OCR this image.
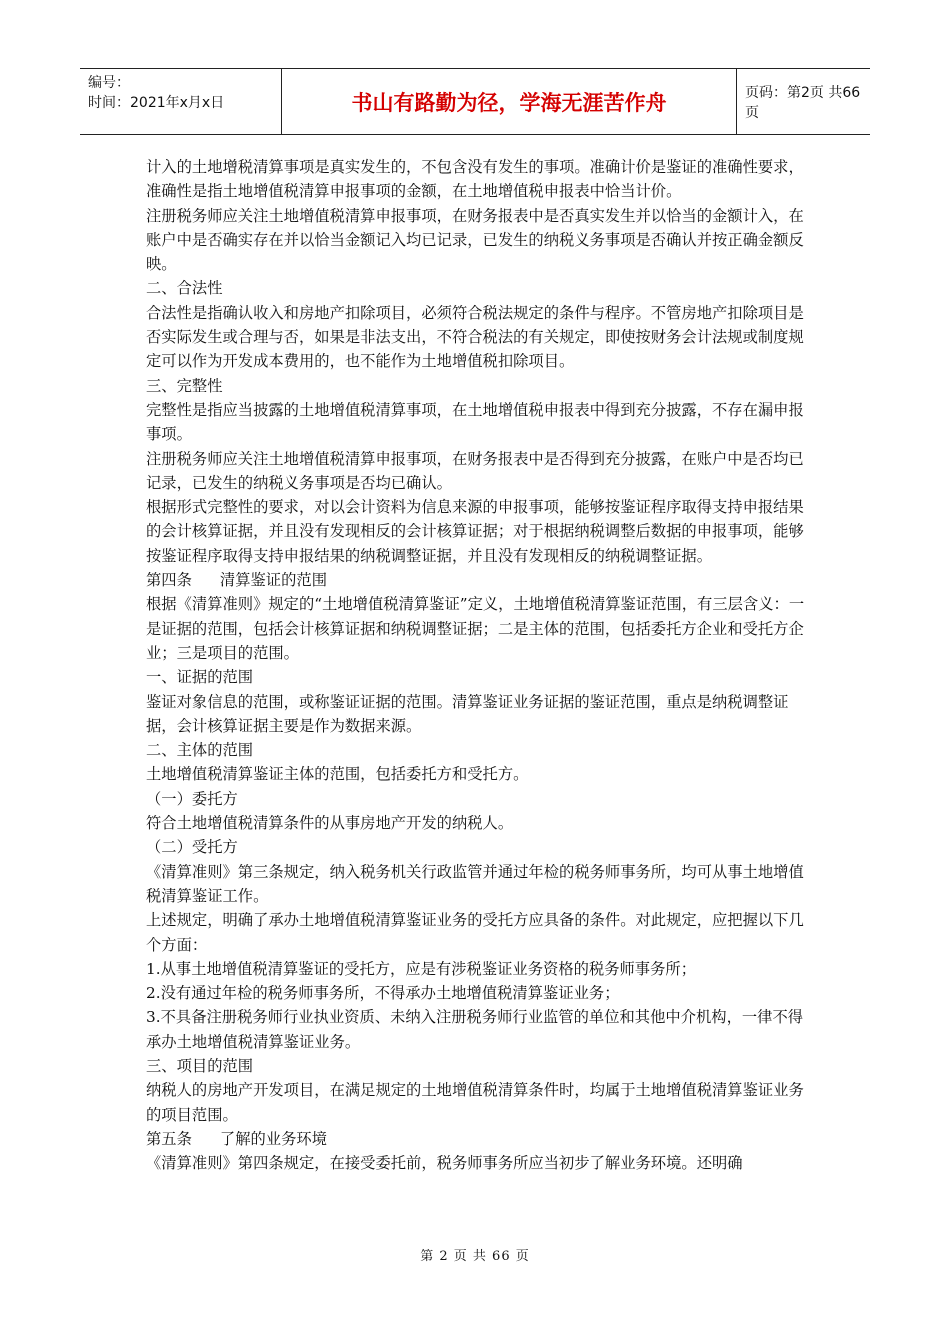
编号：
时间：2021年x月x日	书山有路勤为径，学海无涯苦作舟	页码：第2页 共66页

计入的土地增税清算事项是真实发生的，不包含没有发生的事项。准确计价是鉴证的准确性要求，准确性是指土地增值税清算申报事项的金额，在土地增值税申报表中恰当计价。

注册税务师应关注土地增值税清算申报事项，在财务报表中是否真实发生并以恰当的金额计入，在账户中是否确实存在并以恰当金额记入均已记录，已发生的纳税义务事项是否确认并按正确金额反映。

二、合法性

合法性是指确认收入和房地产扣除项目，必须符合税法规定的条件与程序。不管房地产扣除项目是否实际发生或合理与否，如果是非法支出，不符合税法的有关规定，即使按财务会计法规或制度规定可以作为开发成本费用的，也不能作为土地增值税扣除项目。

三、完整性

完整性是指应当披露的土地增值税清算事项，在土地增值税申报表中得到充分披露，不存在漏申报事项。

注册税务师应关注土地增值税清算申报事项，在财务报表中是否得到充分披露，在账户中是否均已记录，已发生的纳税义务事项是否均已确认。

根据形式完整性的要求，对以会计资料为信息来源的申报事项，能够按鉴证程序取得支持申报结果的会计核算证据，并且没有发现相反的会计核算证据；对于根据纳税调整后数据的申报事项，能够按鉴证程序取得支持申报结果的纳税调整证据，并且没有发现相反的纳税调整证据。

第四条 清算鉴证的范围

根据《清算准则》规定的“土地增值税清算鉴证”定义，土地增值税清算鉴证范围，有三层含义：一是证据的范围，包括会计核算证据和纳税调整证据；二是主体的范围，包括委托方企业和受托方企业；三是项目的范围。

一、证据的范围

鉴证对象信息的范围，或称鉴证证据的范围。清算鉴证业务证据的鉴证范围，重点是纳税调整证据，会计核算证据主要是作为数据来源。

二、主体的范围

土地增值税清算鉴证主体的范围，包括委托方和受托方。

（一）委托方

符合土地增值税清算条件的从事房地产开发的纳税人。

（二）受托方

《清算准则》第三条规定，纳入税务机关行政监管并通过年检的税务师事务所，均可从事土地增值税清算鉴证工作。

上述规定，明确了承办土地增值税清算鉴证业务的受托方应具备的条件。对此规定，应把握以下几个方面：

1.从事土地增值税清算鉴证的受托方，应是有涉税鉴证业务资格的税务师事务所；

2.没有通过年检的税务师事务所，不得承办土地增值税清算鉴证业务；

3.不具备注册税务师行业执业资质、未纳入注册税务师行业监管的单位和其他中介机构，一律不得承办土地增值税清算鉴证业务。

三、项目的范围

纳税人的房地产开发项目，在满足规定的土地增值税清算条件时，均属于土地增值税清算鉴证业务的项目范围。

第五条 了解的业务环境

《清算准则》第四条规定，在接受委托前，税务师事务所应当初步了解业务环境。还明确

第 2 页 共 66 页
